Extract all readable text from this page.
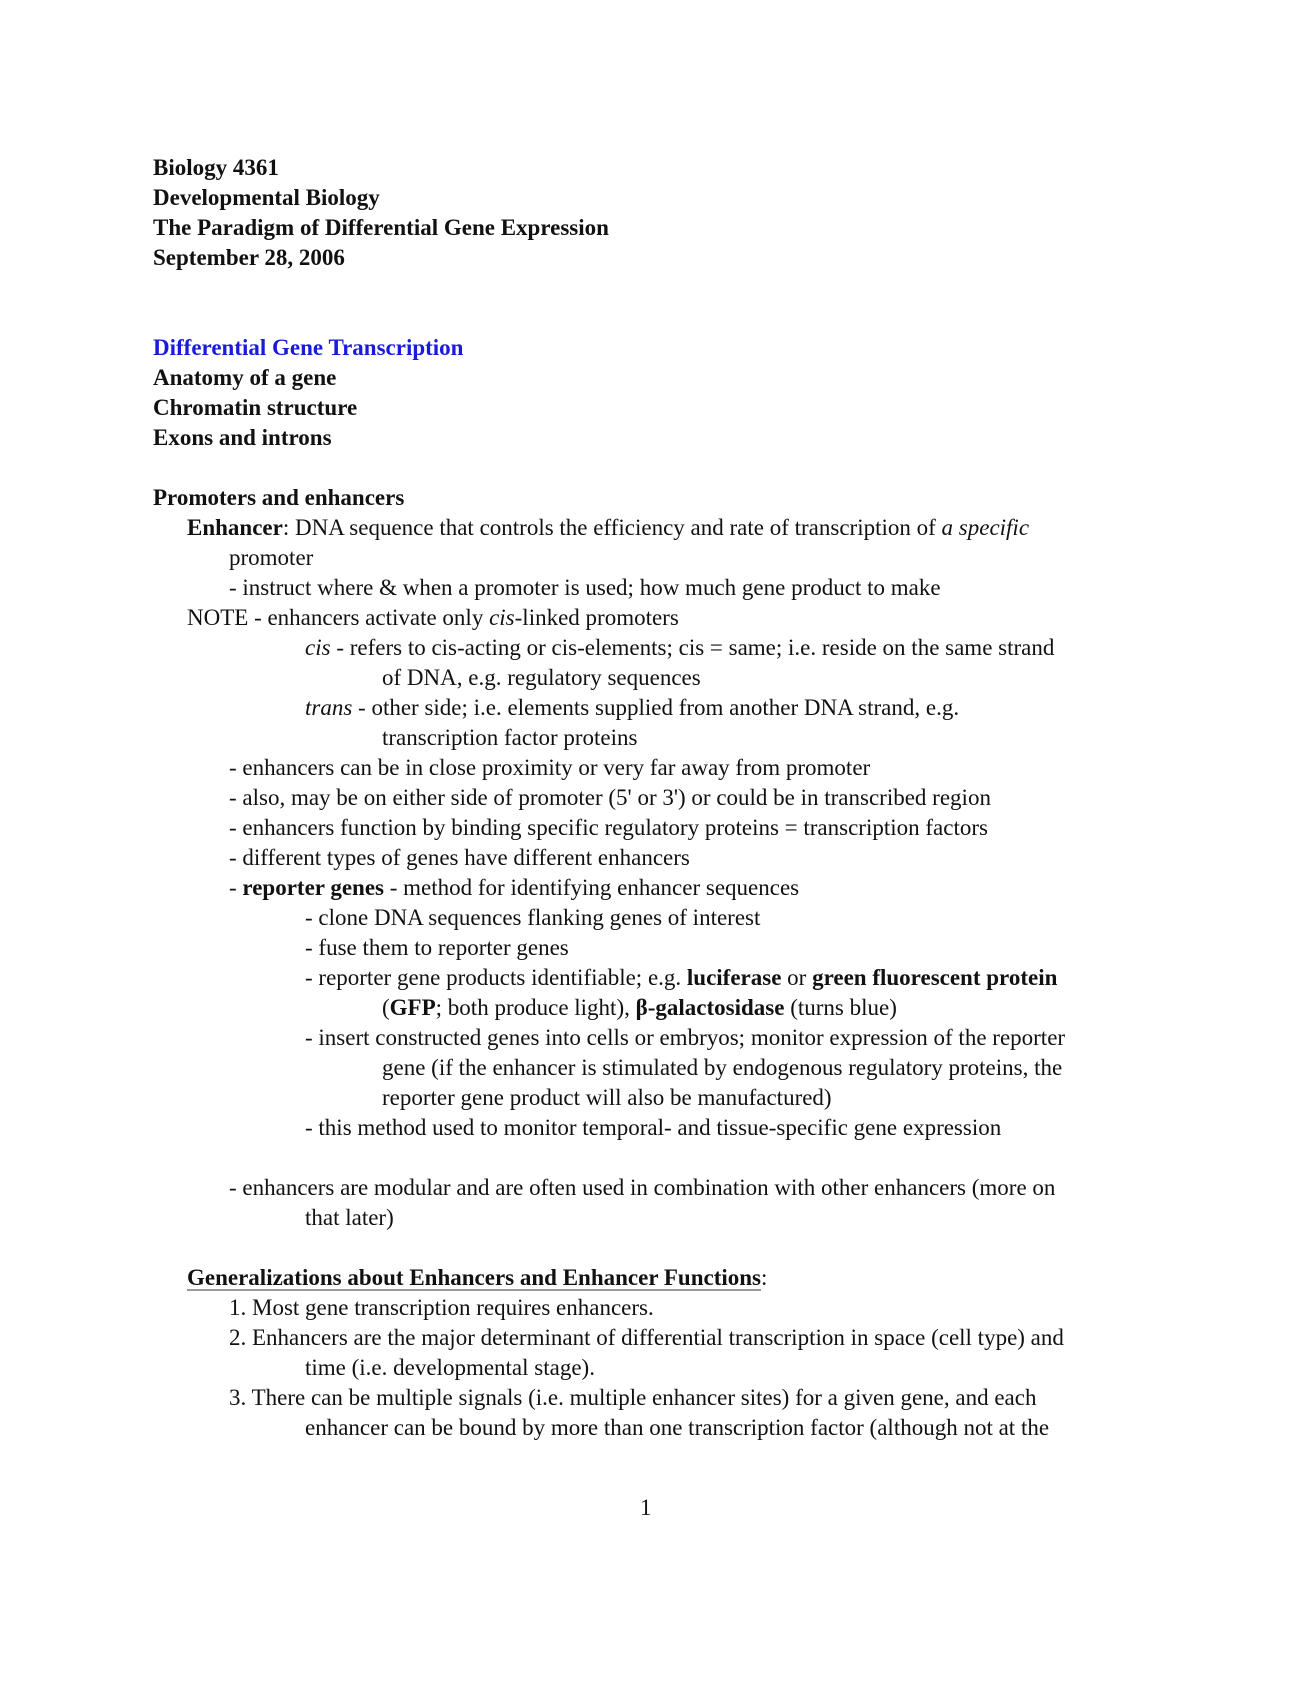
Biology 4361
Developmental Biology
The Paradigm of Differential Gene Expression
September 28, 2006
Differential Gene Transcription
Anatomy of a gene
Chromatin structure
Exons and introns
Promoters and enhancers
Enhancer: DNA sequence that controls the efficiency and rate of transcription of a specific
promoter
- instruct where & when a promoter is used; how much gene product to make
NOTE - enhancers activate only cis-linked promoters
cis - refers to cis-acting or cis-elements; cis = same; i.e. reside on the same strand
of DNA, e.g. regulatory sequences
trans - other side; i.e. elements supplied from another DNA strand, e.g.
transcription factor proteins
- enhancers can be in close proximity or very far away from promoter
- also, may be on either side of promoter (5' or 3') or could be in transcribed region
- enhancers function by binding specific regulatory proteins = transcription factors
- different types of genes have different enhancers
- reporter genes - method for identifying enhancer sequences
- clone DNA sequences flanking genes of interest
- fuse them to reporter genes
- reporter gene products identifiable; e.g. luciferase or green fluorescent protein
(GFP; both produce light), β-galactosidase (turns blue)
- insert constructed genes into cells or embryos; monitor expression of the reporter
gene (if the enhancer is stimulated by endogenous regulatory proteins, the
reporter gene product will also be manufactured)
- this method used to monitor temporal- and tissue-specific gene expression
- enhancers are modular and are often used in combination with other enhancers (more on
that later)
Generalizations about Enhancers and Enhancer Functions:
1. Most gene transcription requires enhancers.
2. Enhancers are the major determinant of differential transcription in space (cell type) and
time (i.e. developmental stage).
3. There can be multiple signals (i.e. multiple enhancer sites) for a given gene, and each
enhancer can be bound by more than one transcription factor (although not at the
1
